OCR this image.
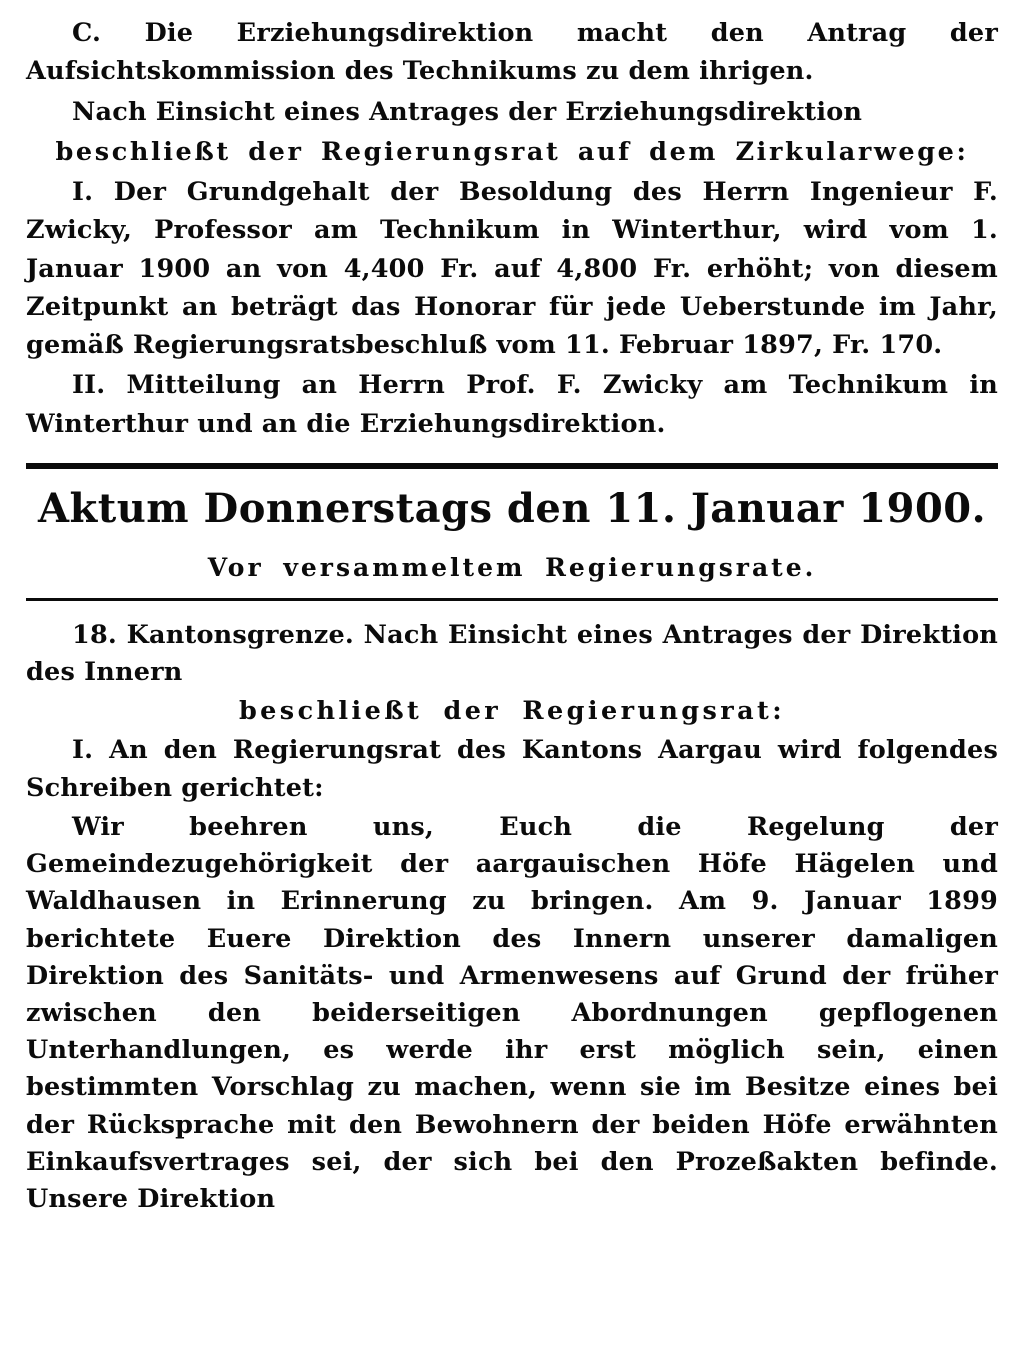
C. Die Erziehungsdirektion macht den Antrag der Aufsichtskommission des Technikums zu dem ihrigen.

Nach Einsicht eines Antrages der Erziehungsdirektion

beschließt der Regierungsrat auf dem Zirkularwege:

I. Der Grundgehalt der Besoldung des Herrn Ingenieur F. Zwicky, Professor am Technikum in Winterthur, wird vom 1. Januar 1900 an von 4,400 Fr. auf 4,800 Fr. erhöht; von diesem Zeitpunkt an beträgt das Honorar für jede Ueberstunde im Jahr, gemäß Regierungsratsbeschluß vom 11. Februar 1897, Fr. 170.

II. Mitteilung an Herrn Prof. F. Zwicky am Technikum in Winterthur und an die Erziehungsdirektion.

Aktum Donnerstags den 11. Januar 1900.
Vor versammeltem Regierungsrate.

18. Kantonsgrenze. Nach Einsicht eines Antrages der Direktion des Innern

beschließt der Regierungsrat:

I. An den Regierungsrat des Kantons Aargau wird folgendes Schreiben gerichtet:

Wir beehren uns, Euch die Regelung der Gemeindezugehörigkeit der aargauischen Höfe Hägelen und Waldhausen in Erinnerung zu bringen. Am 9. Januar 1899 berichtete Euere Direktion des Innern unserer damaligen Direktion des Sanitäts- und Armenwesens auf Grund der früher zwischen den beiderseitigen Abordnungen gepflogenen Unterhandlungen, es werde ihr erst möglich sein, einen bestimmten Vorschlag zu machen, wenn sie im Besitze eines bei der Rücksprache mit den Bewohnern der beiden Höfe erwähnten Einkaufsvertrages sei, der sich bei den Prozeßakten befinde. Unsere Direktion
